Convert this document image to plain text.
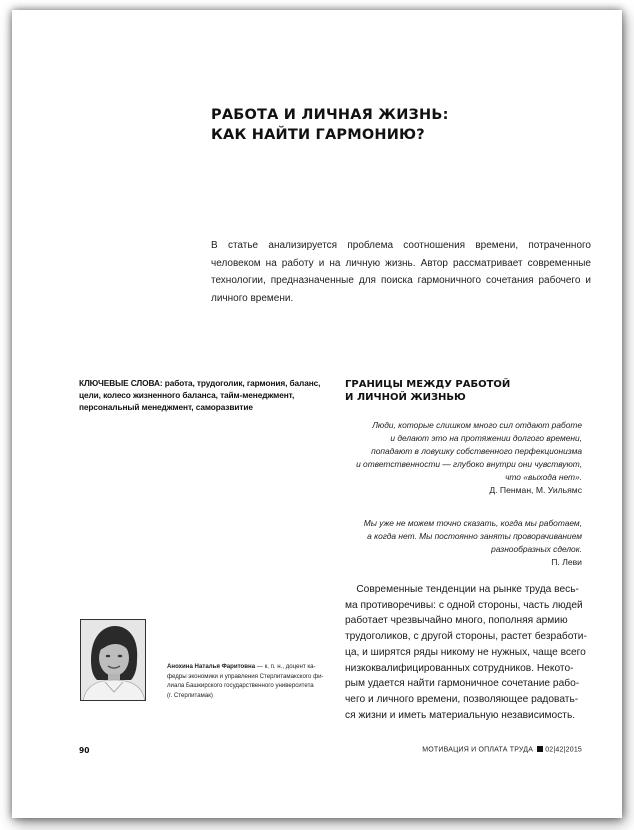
РАБОТА И ЛИЧНАЯ ЖИЗНЬ:
КАК НАЙТИ ГАРМОНИЮ?

В статье анализируется проблема соотношения времени, потраченного человеком на работу и на личную жизнь. Автор рассматривает современные технологии, предназначенные для поиска гармоничного сочетания рабочего и личного времени.

КЛЮЧЕВЫЕ СЛОВА: работа, трудоголик, гармония, баланс, цели, колесо жизненного баланса, тайм-менеджмент, персональный менеджмент, саморазвитие
ГРАНИЦЫ МЕЖДУ РАБОТОЙ
И ЛИЧНОЙ ЖИЗНЬЮ
Люди, которые слишком много сил отдают работе
и делают это на протяжении долгого времени,
попадают в ловушку собственного перфекционизма
и ответственности — глубоко внутри они чувствуют,
что «выхода нет».
Д. Пенман, М. Уильямс
Мы уже не можем точно сказать, когда мы работаем,
а когда нет. Мы постоянно заняты проворачиванием
разнообразных сделок.
П. Леви
Современные тенденции на рынке труда весь-
ма противоречивы: с одной стороны, часть людей
работает чрезвычайно много, пополняя армию
трудоголиков, с другой стороны, растет безработи-
ца, и ширятся ряды никому не нужных, чаще всего
низкоквалифицированных сотрудников. Некото-
рым удается найти гармоничное сочетание рабо-
чего и личного времени, позволяющее радовать-
ся жизни и иметь материальную независимость.
Анохина Наталья Фаритовна — к. п. н., доцент ка-
федры экономики и управления Стерлитамакского фи-
лиала Башкирского государственного университета
(г. Стерлитамак)
90	МОТИВАЦИЯ И ОПЛАТА ТРУДА 02|42|2015
